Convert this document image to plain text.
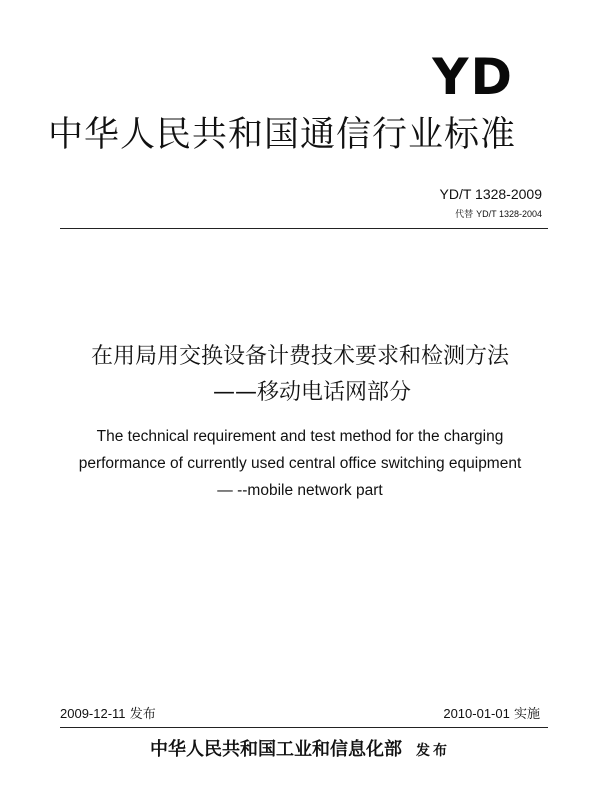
YD
中华人民共和国通信行业标准
YD/T 1328-2009
代替 YD/T 1328-2004
在用局用交换设备计费技术要求和检测方法
——移动电话网部分
The technical requirement and test method for the charging
performance of currently used central office switching equipment
— --mobile network part
2009-12-11 发布	2010-01-01 实施
中华人民共和国工业和信息化部 发布
